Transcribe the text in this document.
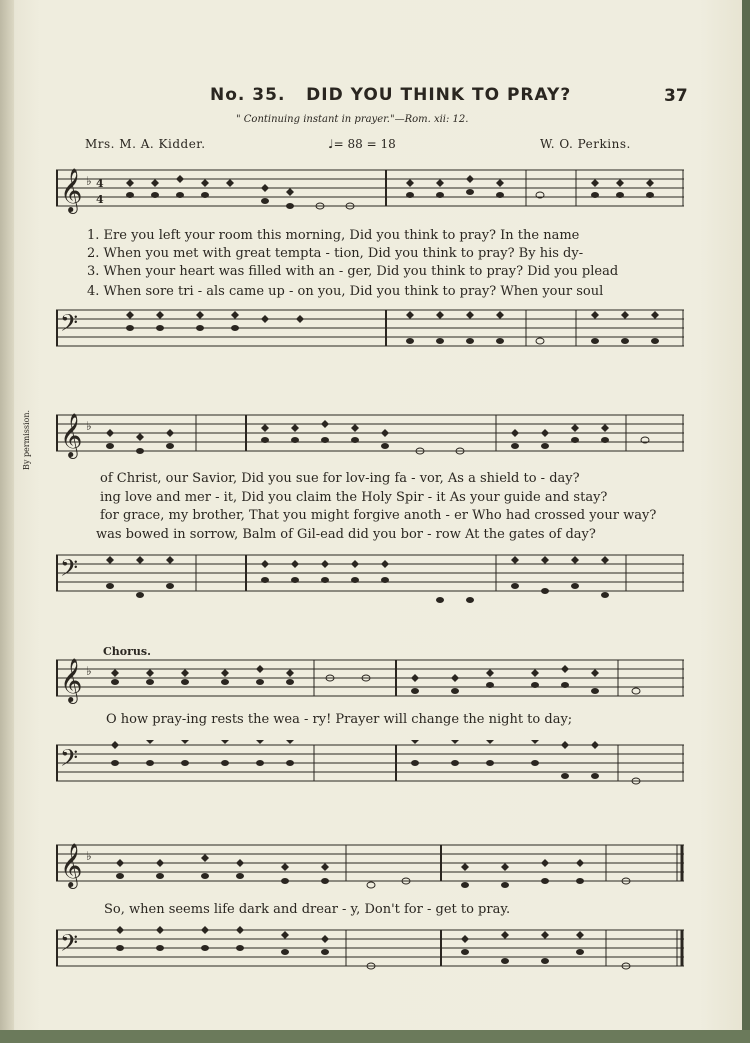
No. 35. DID YOU THINK TO PRAY?	37
" Continuing instant in prayer."—Rom. xii: 12.
Mrs. M. A. Kidder.	♩= 88 = 18	W. O. Perkins.
By permission.
𝄞 ♭ 4
4
1. Ere you left your room this morning, Did you think to pray? In the name
2. When you met with great tempta - tion, Did you think to pray? By his dy-
3. When your heart was filled with an - ger, Did you think to pray? Did you plead
4. When sore tri - als came up - on you, Did you think to pray? When your soul
𝄢
𝄞 ♭
of Christ, our Savior, Did you sue for lov-ing fa - vor, As a shield to - day?
ing love and mer - it, Did you claim the Holy Spir - it As your guide and stay?
for grace, my brother, That you might forgive anoth - er Who had crossed your way?
was bowed in sorrow, Balm of Gil-ead did you bor - row At the gates of day?
𝄢
Chorus.
𝄞 ♭
O how pray-ing rests the wea - ry! Prayer will change the night to day;
𝄢
𝄞 ♭
So, when seems life dark and drear - y, Don't for - get to pray.
𝄢
